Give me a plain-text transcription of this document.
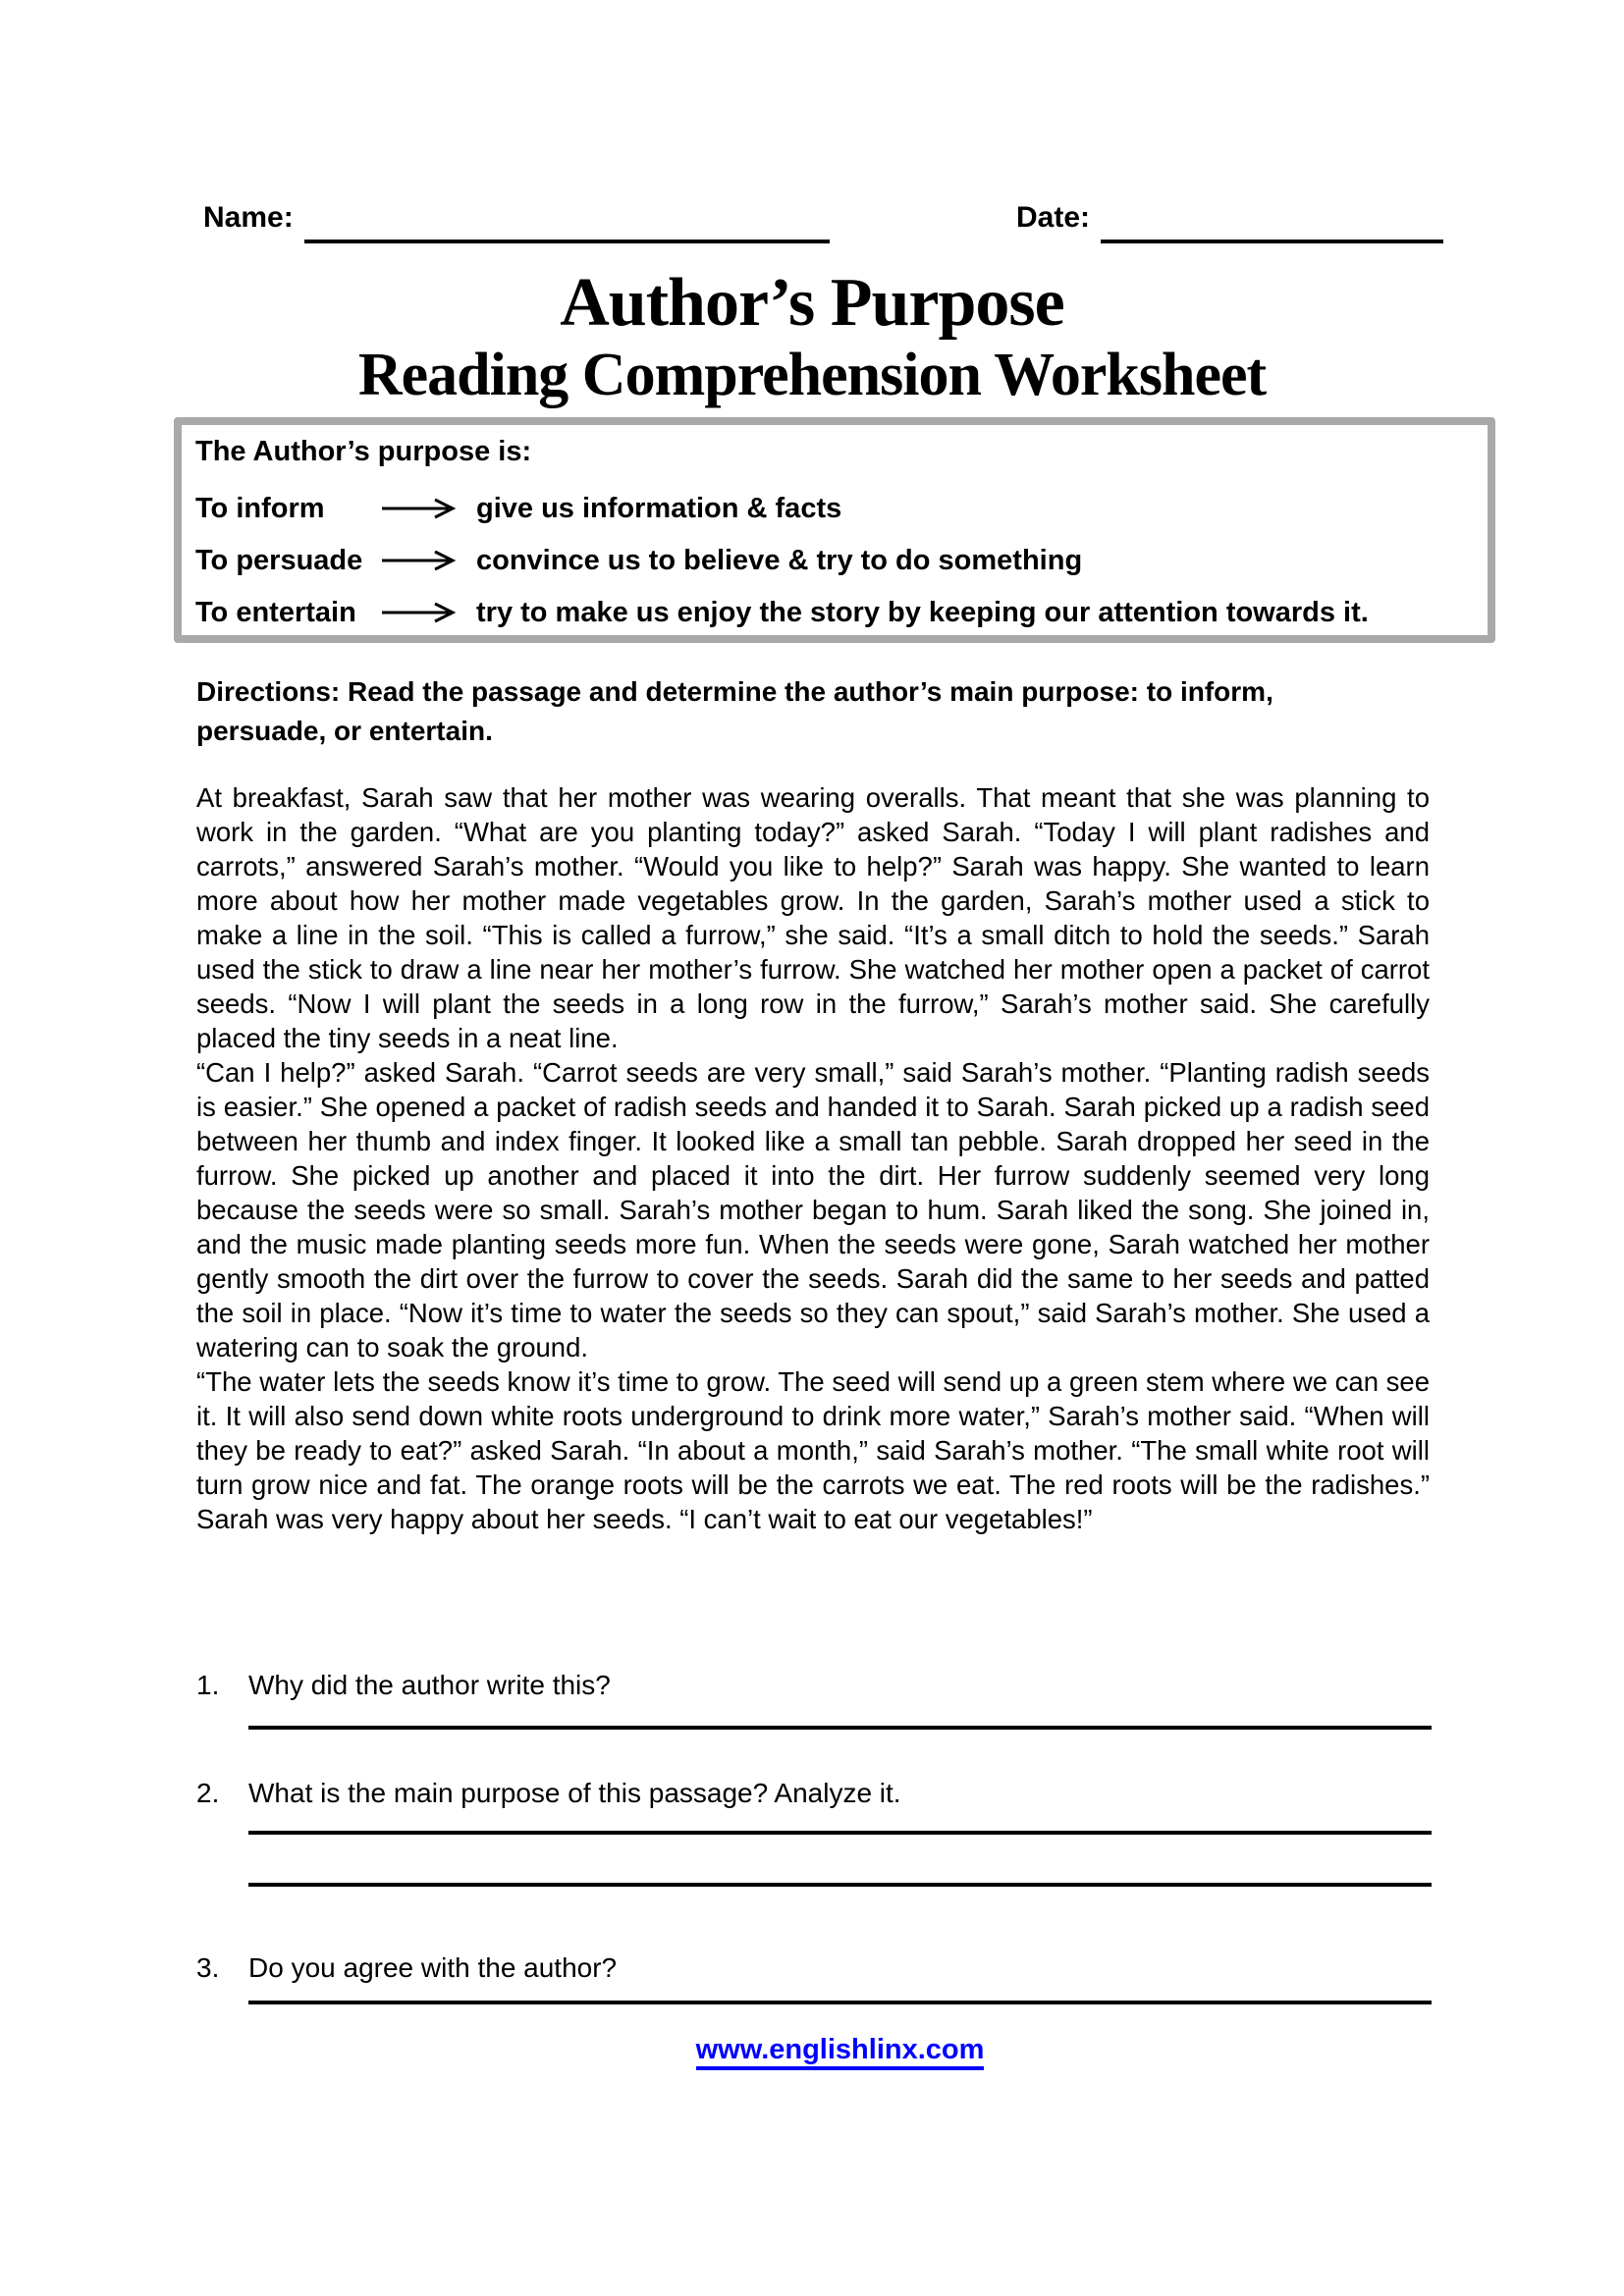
Name:	Date:
Author’s Purpose
Reading Comprehension Worksheet
The Author’s purpose is:
To inform	give us information & facts
To persuade	convince us to believe & try to do something
To entertain	try to make us enjoy the story by keeping our attention towards it.
Directions: Read the passage and determine the author’s main purpose: to inform, persuade, or entertain.

At breakfast, Sarah saw that her mother was wearing overalls. That meant that she was planning to work in the garden. “What are you planting today?” asked Sarah. “Today I will plant radishes and carrots,” answered Sarah’s mother. “Would you like to help?” Sarah was happy. She wanted to learn more about how her mother made vegetables grow. In the garden, Sarah’s mother used a stick to make a line in the soil. “This is called a furrow,” she said. “It’s a small ditch to hold the seeds.” Sarah used the stick to draw a line near her mother’s furrow. She watched her mother open a packet of carrot seeds. “Now I will plant the seeds in a long row in the furrow,” Sarah’s mother said. She carefully placed the tiny seeds in a neat line.

“Can I help?” asked Sarah. “Carrot seeds are very small,” said Sarah’s mother. “Planting radish seeds is easier.” She opened a packet of radish seeds and handed it to Sarah. Sarah picked up a radish seed between her thumb and index finger. It looked like a small tan pebble. Sarah dropped her seed in the furrow. She picked up another and placed it into the dirt. Her furrow suddenly seemed very long because the seeds were so small. Sarah’s mother began to hum. Sarah liked the song. She joined in, and the music made planting seeds more fun. When the seeds were gone, Sarah watched her mother gently smooth the dirt over the furrow to cover the seeds. Sarah did the same to her seeds and patted the soil in place. “Now it’s time to water the seeds so they can spout,” said Sarah’s mother. She used a watering can to soak the ground.

“The water lets the seeds know it’s time to grow. The seed will send up a green stem where we can see it. It will also send down white roots underground to drink more water,” Sarah’s mother said. “When will they be ready to eat?” asked Sarah. “In about a month,” said Sarah’s mother. “The small white root will turn grow nice and fat. The orange roots will be the carrots we eat. The red roots will be the radishes.” Sarah was very happy about her seeds. “I can’t wait to eat our vegetables!”

1.	Why did the author write this?
2.	What is the main purpose of this passage? Analyze it.
3.	Do you agree with the author?
www.englishlinx.com
